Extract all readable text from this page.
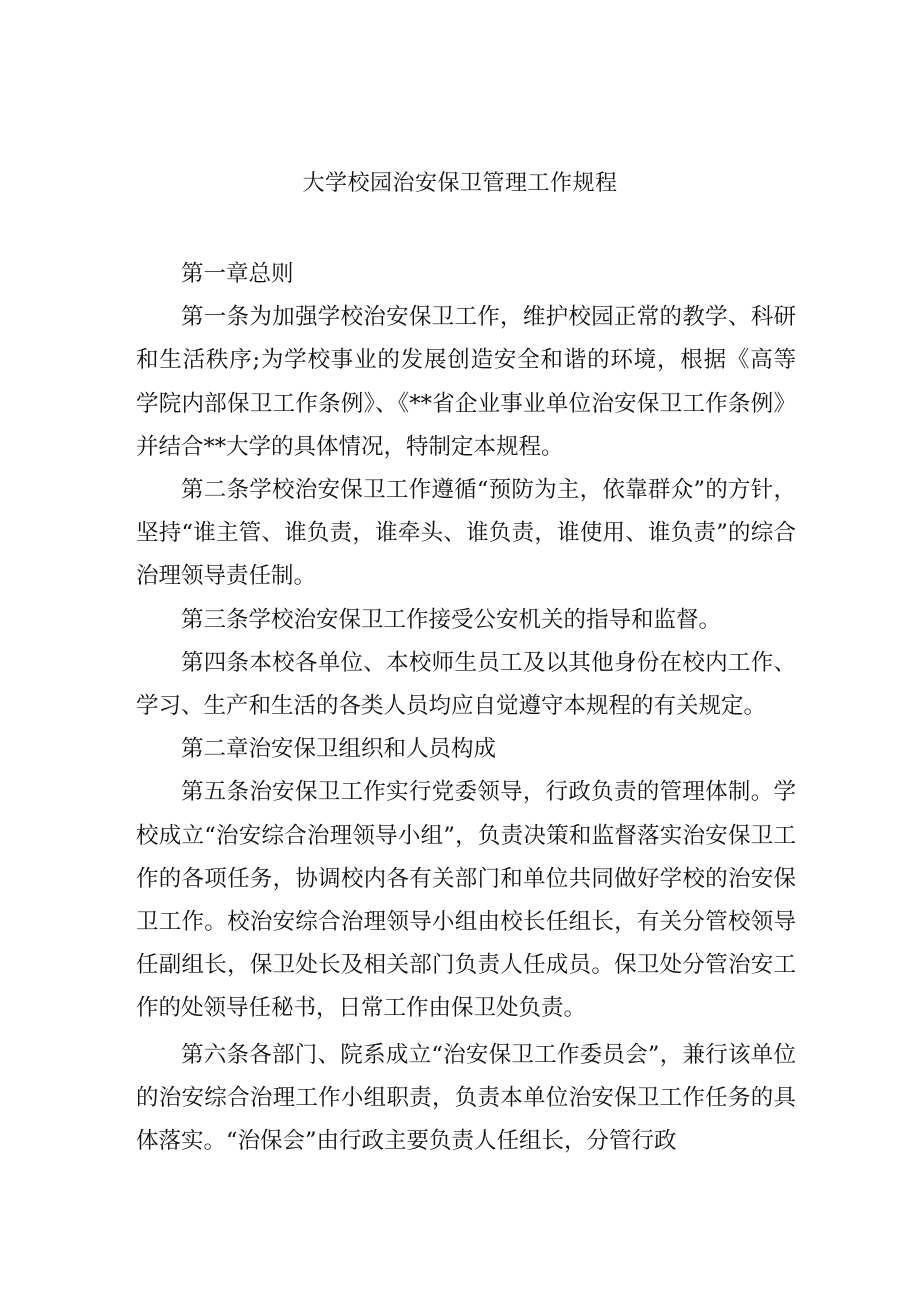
大学校园治安保卫管理工作规程

第一章总则

第一条为加强学校治安保卫工作，维护校园正常的教学、科研和生活秩序;为学校事业的发展创造安全和谐的环境，根据《高等学院内部保卫工作条例》、《**省企业事业单位治安保卫工作条例》并结合**大学的具体情况，特制定本规程。

第二条学校治安保卫工作遵循“预防为主，依靠群众”的方针，坚持“谁主管、谁负责，谁牵头、谁负责，谁使用、谁负责”的综合治理领导责任制。

第三条学校治安保卫工作接受公安机关的指导和监督。

第四条本校各单位、本校师生员工及以其他身份在校内工作、学习、生产和生活的各类人员均应自觉遵守本规程的有关规定。

第二章治安保卫组织和人员构成

第五条治安保卫工作实行党委领导，行政负责的管理体制。学校成立“治安综合治理领导小组”，负责决策和监督落实治安保卫工作的各项任务，协调校内各有关部门和单位共同做好学校的治安保卫工作。校治安综合治理领导小组由校长任组长，有关分管校领导任副组长，保卫处长及相关部门负责人任成员。保卫处分管治安工作的处领导任秘书，日常工作由保卫处负责。

第六条各部门、院系成立“治安保卫工作委员会”，兼行该单位的治安综合治理工作小组职责，负责本单位治安保卫工作任务的具体落实。“治保会”由行政主要负责人任组长，分管行政
